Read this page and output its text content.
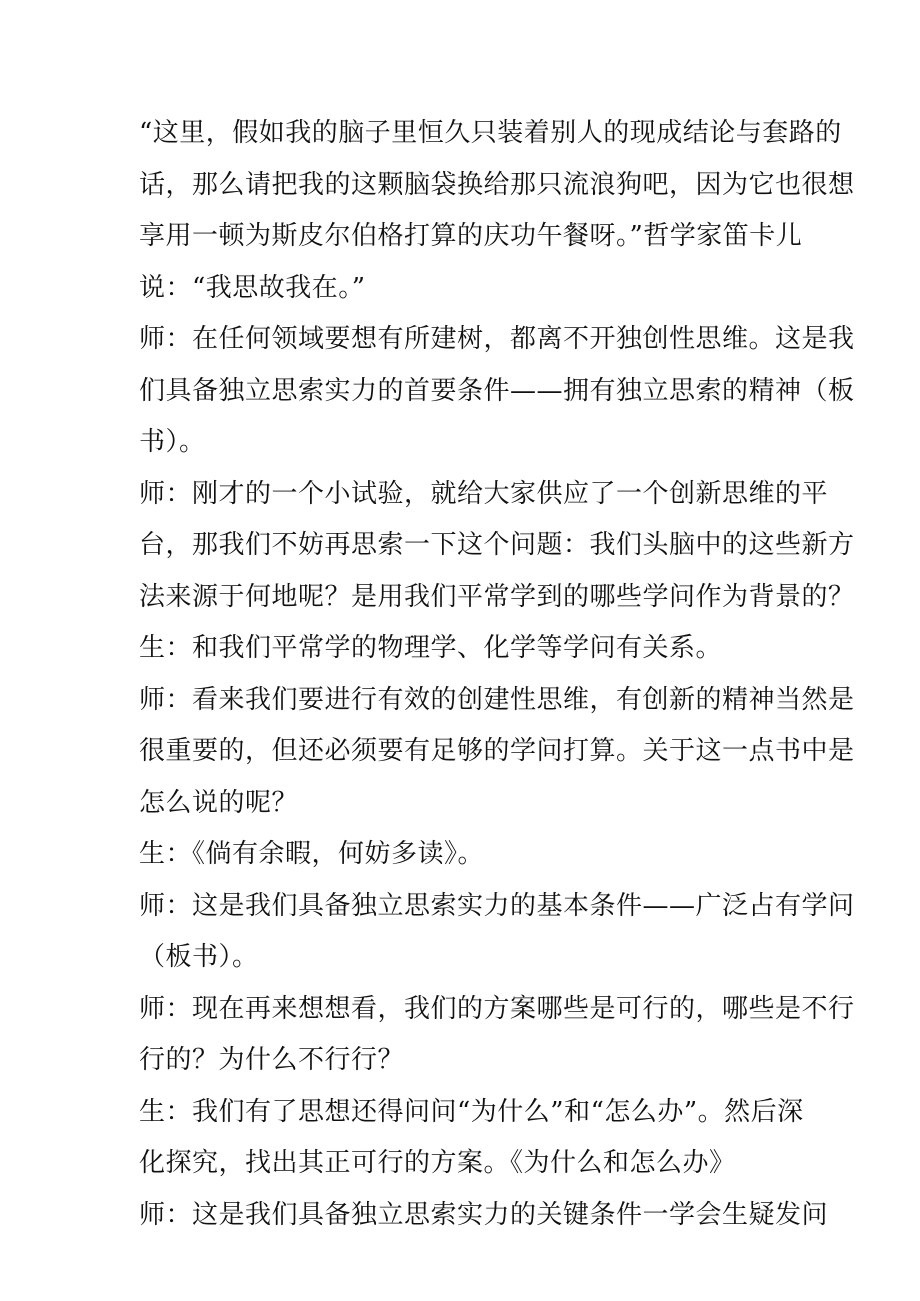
“这里，假如我的脑子里恒久只装着别人的现成结论与套路的
话，那么请把我的这颗脑袋换给那只流浪狗吧，因为它也很想
享用一顿为斯皮尔伯格打算的庆功午餐呀。”哲学家笛卡儿
说：“我思故我在。”
师：在任何领域要想有所建树，都离不开独创性思维。这是我
们具备独立思索实力的首要条件——拥有独立思索的精神（板
书）。
师：刚才的一个小试验，就给大家供应了一个创新思维的平
台，那我们不妨再思索一下这个问题：我们头脑中的这些新方
法来源于何地呢？是用我们平常学到的哪些学问作为背景的？
生：和我们平常学的物理学、化学等学问有关系。
师：看来我们要进行有效的创建性思维，有创新的精神当然是
很重要的，但还必须要有足够的学问打算。关于这一点书中是
怎么说的呢？
生：《倘有余暇，何妨多读》。
师：这是我们具备独立思索实力的基本条件——广泛占有学问
（板书）。
师：现在再来想想看，我们的方案哪些是可行的，哪些是不行
行的？为什么不行行？
生：我们有了思想还得问问“为什么”和“怎么办”。然后深
化探究，找出其正可行的方案。《为什么和怎么办》
师：这是我们具备独立思索实力的关键条件一学会生疑发问
